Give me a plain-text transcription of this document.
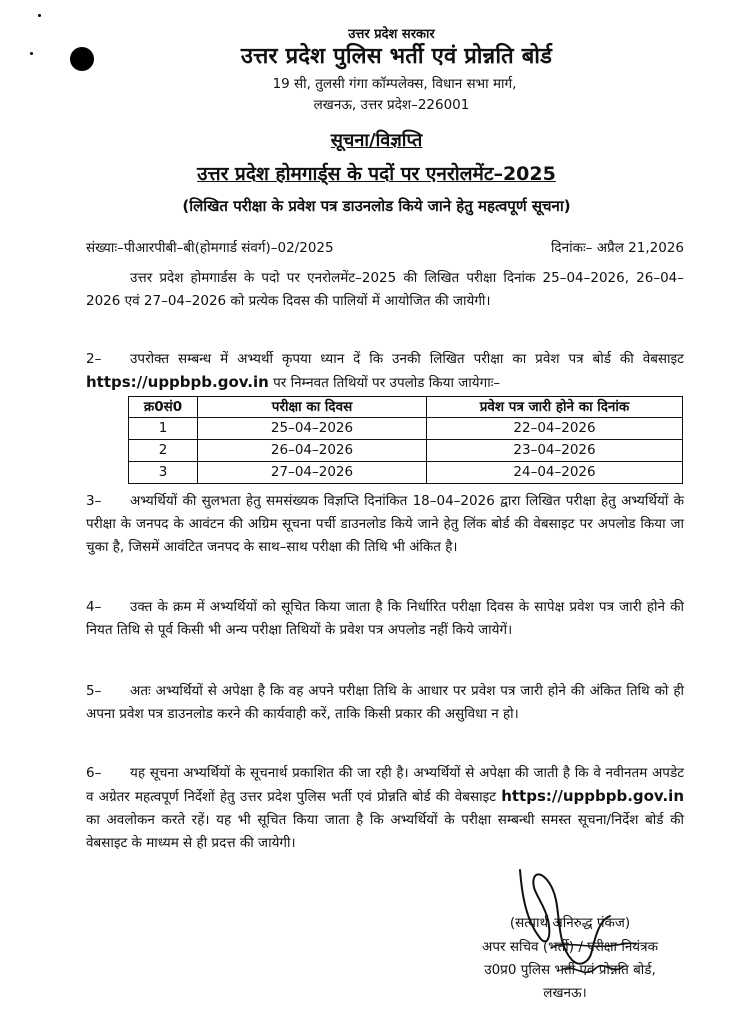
उत्तर प्रदेश सरकार
उत्तर प्रदेश पुलिस भर्ती एवं प्रोन्नति बोर्ड
19 सी, तुलसी गंगा कॉम्पलेक्स, विधान सभा मार्ग,
लखनऊ, उत्तर प्रदेश–226001
सूचना/विज्ञप्ति
उत्तर प्रदेश होमगार्ड्स के पदों पर एनरोलमेंट–2025
(लिखित परीक्षा के प्रवेश पत्र डाउनलोड किये जाने हेतु महत्वपूर्ण सूचना)
संख्याः–पीआरपीबी–बी(होमगार्ड संवर्ग)–02/2025	दिनांकः– अप्रैल 21,2026
उत्तर प्रदेश होमगार्डस के पदो पर एनरोलमेंट–2025 की लिखित परीक्षा दिनांक 25–04–2026, 26–04–2026 एवं 27–04–2026 को प्रत्येक दिवस की पालियों में आयोजित की जायेगी।
2– उपरोक्त सम्बन्ध में अभ्यर्थी कृपया ध्यान दें कि उनकी लिखित परीक्षा का प्रवेश पत्र बोर्ड की वेबसाइट https://uppbpb.gov.in पर निम्नवत तिथियों पर उपलोड किया जायेगाः–
क्र0सं0	परीक्षा का दिवस	प्रवेश पत्र जारी होने का दिनांक
1	25–04–2026	22–04–2026
2	26–04–2026	23–04–2026
3	27–04–2026	24–04–2026
3– अभ्यर्थियों की सुलभता हेतु समसंख्यक विज्ञप्ति दिनांकित 18–04–2026 द्वारा लिखित परीक्षा हेतु अभ्यर्थियों के परीक्षा के जनपद के आवंटन की अग्रिम सूचना पर्ची डाउनलोड किये जाने हेतु लिंक बोर्ड की वेबसाइट पर अपलोड किया जा चुका है, जिसमें आवंटित जनपद के साथ–साथ परीक्षा की तिथि भी अंकित है।
4– उक्त के क्रम में अभ्यर्थियों को सूचित किया जाता है कि निर्धारित परीक्षा दिवस के सापेक्ष प्रवेश पत्र जारी होने की नियत तिथि से पूर्व किसी भी अन्य परीक्षा तिथियों के प्रवेश पत्र अपलोड नहीं किये जायेगें।
5– अतः अभ्यर्थियों से अपेक्षा है कि वह अपने परीक्षा तिथि के आधार पर प्रवेश पत्र जारी होने की अंकित तिथि को ही अपना प्रवेश पत्र डाउनलोड करने की कार्यवाही करें, ताकि किसी प्रकार की असुविधा न हो।
6– यह सूचना अभ्यर्थियों के सूचनार्थ प्रकाशित की जा रही है। अभ्यर्थियों से अपेक्षा की जाती है कि वे नवीनतम अपडेट व अग्रेतर महत्वपूर्ण निर्देशों हेतु उत्तर प्रदेश पुलिस भर्ती एवं प्रोन्नति बोर्ड की वेबसाइट https://uppbpb.gov.in का अवलोकन करते रहें। यह भी सूचित किया जाता है कि अभ्यर्थियों के परीक्षा सम्बन्धी समस्त सूचना/निर्देश बोर्ड की वेबसाइट के माध्यम से ही प्रदत्त की जायेगी।
(सत्यार्थ अनिरुद्ध पंकज)
अपर सचिव (भर्ती) / परीक्षा नियंत्रक
उ0प्र0 पुलिस भर्ती एवं प्रोन्नति बोर्ड,
लखनऊ।
